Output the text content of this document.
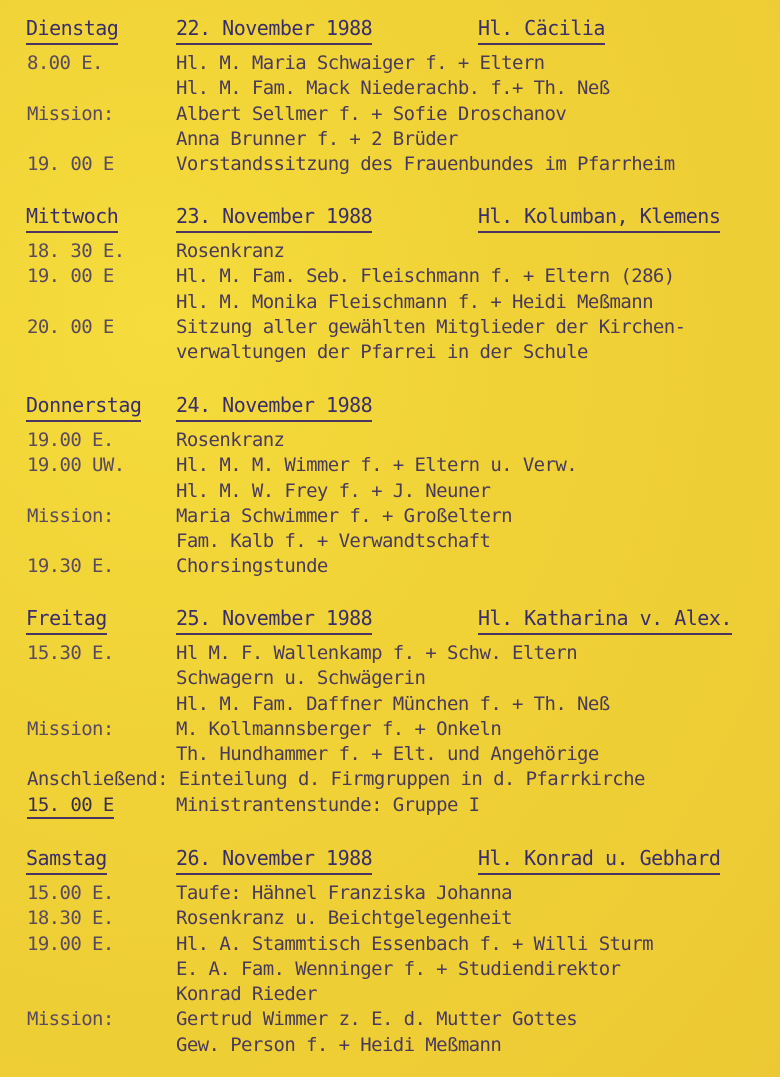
Dienstag	22. November 1988	Hl. Cäcilia
8.00 E.	Hl. M. Maria Schwaiger f. + Eltern
Hl. M. Fam. Mack Niederachb. f.+ Th. Neß
Mission:	Albert Sellmer f. + Sofie Droschanov
Anna Brunner f. + 2 Brüder
19. 00 E	Vorstandssitzung des Frauenbundes im Pfarrheim
Mittwoch	23. November 1988	Hl. Kolumban, Klemens
18. 30 E.	Rosenkranz
19. 00 E	Hl. M. Fam. Seb. Fleischmann f. + Eltern (286)
Hl. M. Monika Fleischmann f. + Heidi Meßmann
20. 00 E	Sitzung aller gewählten Mitglieder der Kirchen-
verwaltungen der Pfarrei in der Schule
Donnerstag 24. November 1988
19.00 E.	Rosenkranz
19.00 UW.	Hl. M. M. Wimmer f. + Eltern u. Verw.
Hl. M. W. Frey f. + J. Neuner
Mission:	Maria Schwimmer f. + Großeltern
Fam. Kalb f. + Verwandtschaft
19.30 E.	Chorsingstunde
Freitag	25. November 1988	Hl. Katharina v. Alex.
15.30 E.	Hl M. F. Wallenkamp f. + Schw. Eltern
Schwagern u. Schwägerin
Hl. M. Fam. Daffner München f. + Th. Neß
Mission:	M. Kollmannsberger f. + Onkeln
Th. Hundhammer f. + Elt. und Angehörige
Anschließend: Einteilung d. Firmgruppen in d. Pfarrkirche
15. 00 E	Ministrantenstunde: Gruppe I
Samstag	26. November 1988	Hl. Konrad u. Gebhard
15.00 E.	Taufe: Hähnel Franziska Johanna
18.30 E.	Rosenkranz u. Beichtgelegenheit
19.00 E.	Hl. A. Stammtisch Essenbach f. + Willi Sturm
E. A. Fam. Wenninger f. + Studiendirektor
Konrad Rieder
Mission:	Gertrud Wimmer z. E. d. Mutter Gottes
Gew. Person f. + Heidi Meßmann
